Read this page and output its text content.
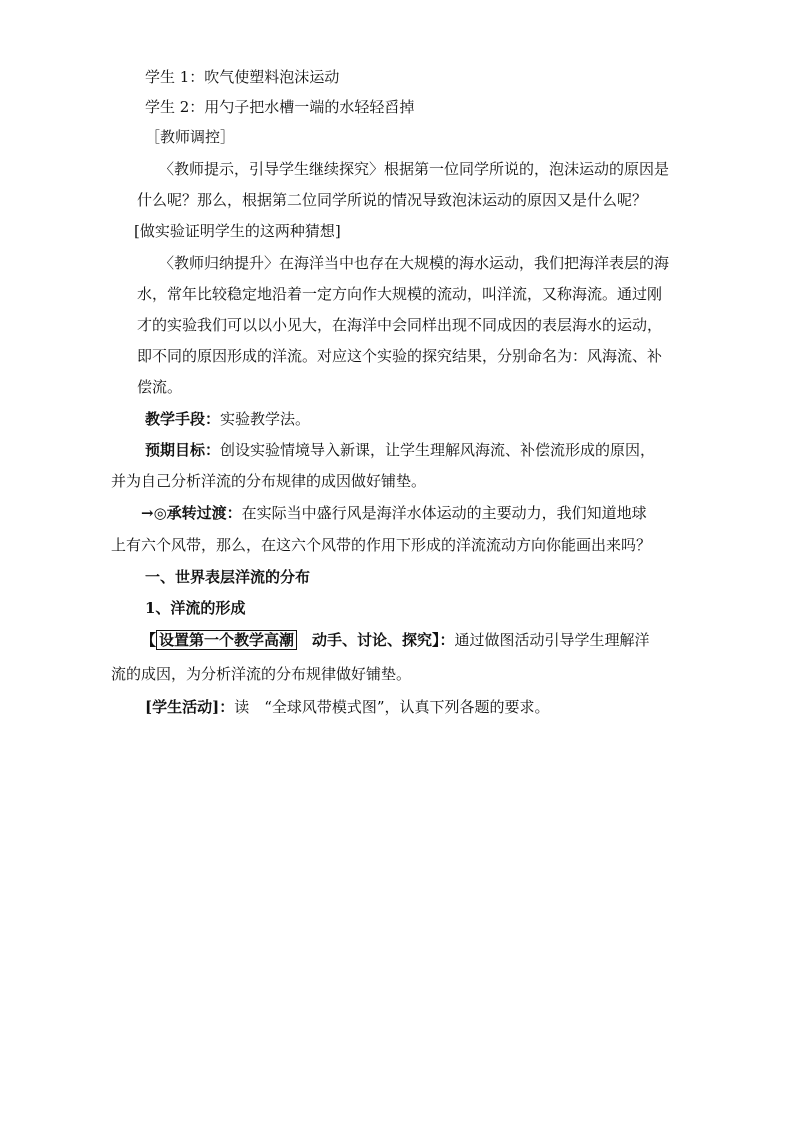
学生 1：吹气使塑料泡沫运动
学生 2：用勺子把水槽一端的水轻轻舀掉
［教师调控］
〈教师提示，引导学生继续探究〉根据第一位同学所说的，泡沫运动的原因是
什么呢？那么，根据第二位同学所说的情况导致泡沫运动的原因又是什么呢？
[做实验证明学生的这两种猜想]
〈教师归纳提升〉在海洋当中也存在大规模的海水运动，我们把海洋表层的海
水，常年比较稳定地沿着一定方向作大规模的流动，叫洋流，又称海流。通过刚
才的实验我们可以以小见大，在海洋中会同样出现不同成因的表层海水的运动，
即不同的原因形成的洋流。对应这个实验的探究结果，分别命名为：风海流、补
偿流。
教学手段：实验教学法。
预期目标：创设实验情境导入新课，让学生理解风海流、补偿流形成的原因，
并为自己分析洋流的分布规律的成因做好铺垫。
→◎承转过渡：在实际当中盛行风是海洋水体运动的主要动力，我们知道地球
上有六个风带，那么，在这六个风带的作用下形成的洋流流动方向你能画出来吗？
一、世界表层洋流的分布
1、洋流的形成
【 设置第一个教学高潮　动手、讨论、探究】：通过做图活动引导学生理解洋
流的成因，为分析洋流的分布规律做好铺垫。
[学生活动]：读　“全球风带模式图”，认真下列各题的要求。
